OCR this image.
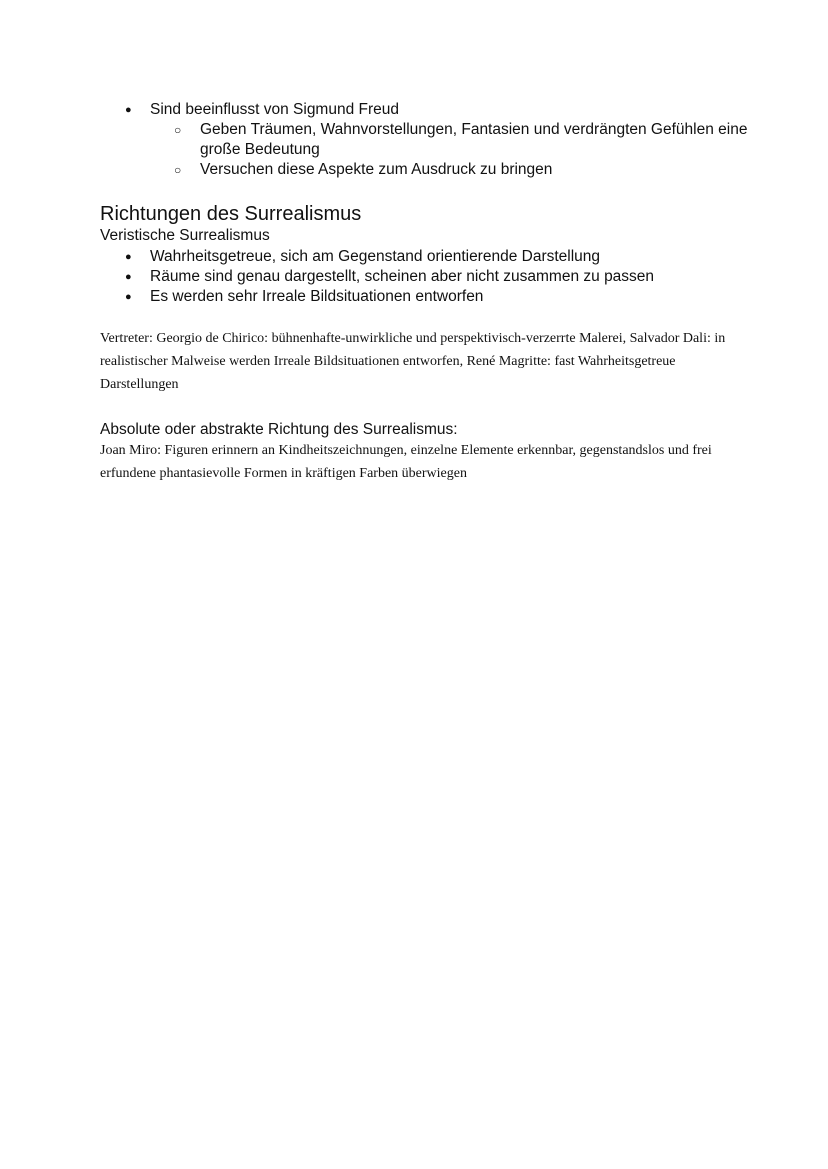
● Sind beeinflusst von Sigmund Freud
○ Geben Träumen, Wahnvorstellungen, Fantasien und verdrängten Gefühlen eine große Bedeutung
○ Versuchen diese Aspekte zum Ausdruck zu bringen
Richtungen des Surrealismus
Veristische Surrealismus
● Wahrheitsgetreue, sich am Gegenstand orientierende Darstellung
● Räume sind genau dargestellt, scheinen aber nicht zusammen zu passen
● Es werden sehr Irreale Bildsituationen entworfen
Vertreter: Georgio de Chirico: bühnenhafte-unwirkliche und perspektivisch-verzerrte Malerei, Salvador Dali: in realistischer Malweise werden Irreale Bildsituationen entworfen, René Magritte: fast Wahrheitsgetreue Darstellungen
Absolute oder abstrakte Richtung des Surrealismus:
Joan Miro: Figuren erinnern an Kindheitszeichnungen, einzelne Elemente erkennbar, gegenstandslos und frei erfundene phantasievolle Formen in kräftigen Farben überwiegen
